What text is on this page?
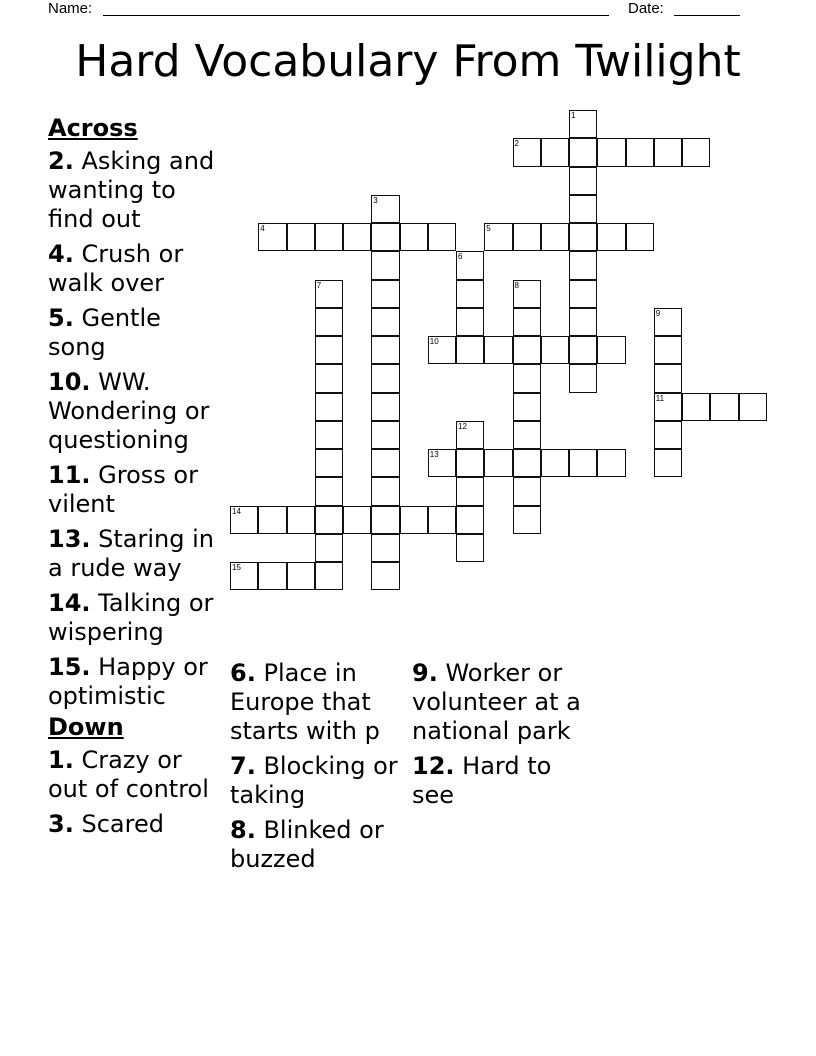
Name:	Date:
Hard Vocabulary From Twilight
1
2
3
4	5
6
7	8
9
11
10
12
13
14
15
Across
2. Asking and wanting to find out
4. Crush or walk over
5. Gentle song
10. WW. Wondering or questioning
11. Gross or vilent
13. Staring in a rude way
14. Talking or wispering
15. Happy or optimistic
Down
1. Crazy or out of control
3. Scared
6. Place in Europe that starts with p
7. Blocking or taking
8. Blinked or buzzed
9. Worker or volunteer at a national park
12. Hard to see
